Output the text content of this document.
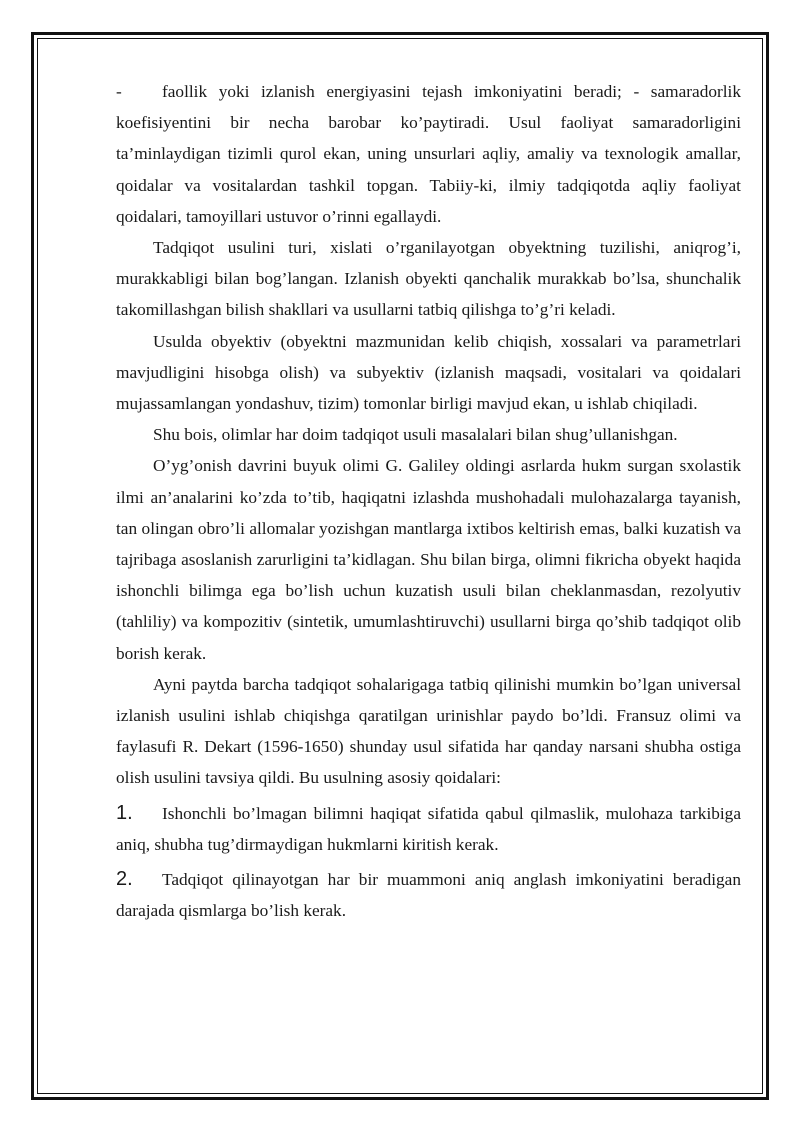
- faollik yoki izlanish energiyasini tejash imkoniyatini beradi; - samaradorlik koefisiyentini bir necha barobar ko’paytiradi. Usul faoliyat samaradorligini ta’minlaydigan tizimli qurol ekan, uning unsurlari aqliy, amaliy va texnologik amallar, qoidalar va vositalardan tashkil topgan. Tabiiy-ki, ilmiy tadqiqotda aqliy faoliyat qoidalari, tamoyillari ustuvor o’rinni egallaydi.

Tadqiqot usulini turi, xislati o’rganilayotgan obyektning tuzilishi, aniqrog’i, murakkabligi bilan bog’langan. Izlanish obyekti qanchalik murakkab bo’lsa, shunchalik takomillashgan bilish shakllari va usullarni tatbiq qilishga to’g’ri keladi.

Usulda obyektiv (obyektni mazmunidan kelib chiqish, xossalari va parametrlari mavjudligini hisobga olish) va subyektiv (izlanish maqsadi, vositalari va qoidalari mujassamlangan yondashuv, tizim) tomonlar birligi mavjud ekan, u ishlab chiqiladi.

Shu bois, olimlar har doim tadqiqot usuli masalalari bilan shug’ullanishgan.

O’yg’onish davrini buyuk olimi G. Galiley oldingi asrlarda hukm surgan sxolastik ilmi an’analarini ko’zda to’tib, haqiqatni izlashda mushohadali mulohazalarga tayanish, tan olingan obro’li allomalar yozishgan mantlarga ixtibos keltirish emas, balki kuzatish va tajribaga asoslanish zarurligini ta’kidlagan. Shu bilan birga, olimni fikricha obyekt haqida ishonchli bilimga ega bo’lish uchun kuzatish usuli bilan cheklanmasdan, rezolyutiv (tahliliy) va kompozitiv (sintetik, umumlashtiruvchi) usullarni birga qo’shib tadqiqot olib borish kerak.

Ayni paytda barcha tadqiqot sohalarigaga tatbiq qilinishi mumkin bo’lgan universal izlanish usulini ishlab chiqishga qaratilgan urinishlar paydo bo’ldi. Fransuz olimi va faylasufi R. Dekart (1596-1650) shunday usul sifatida har qanday narsani shubha ostiga olish usulini tavsiya qildi. Bu usulning asosiy qoidalari:

1. Ishonchli bo’lmagan bilimni haqiqat sifatida qabul qilmaslik, mulohaza tarkibiga aniq, shubha tug’dirmaydigan hukmlarni kiritish kerak.

2. Tadqiqot qilinayotgan har bir muammoni aniq anglash imkoniyatini beradigan darajada qismlarga bo’lish kerak.
